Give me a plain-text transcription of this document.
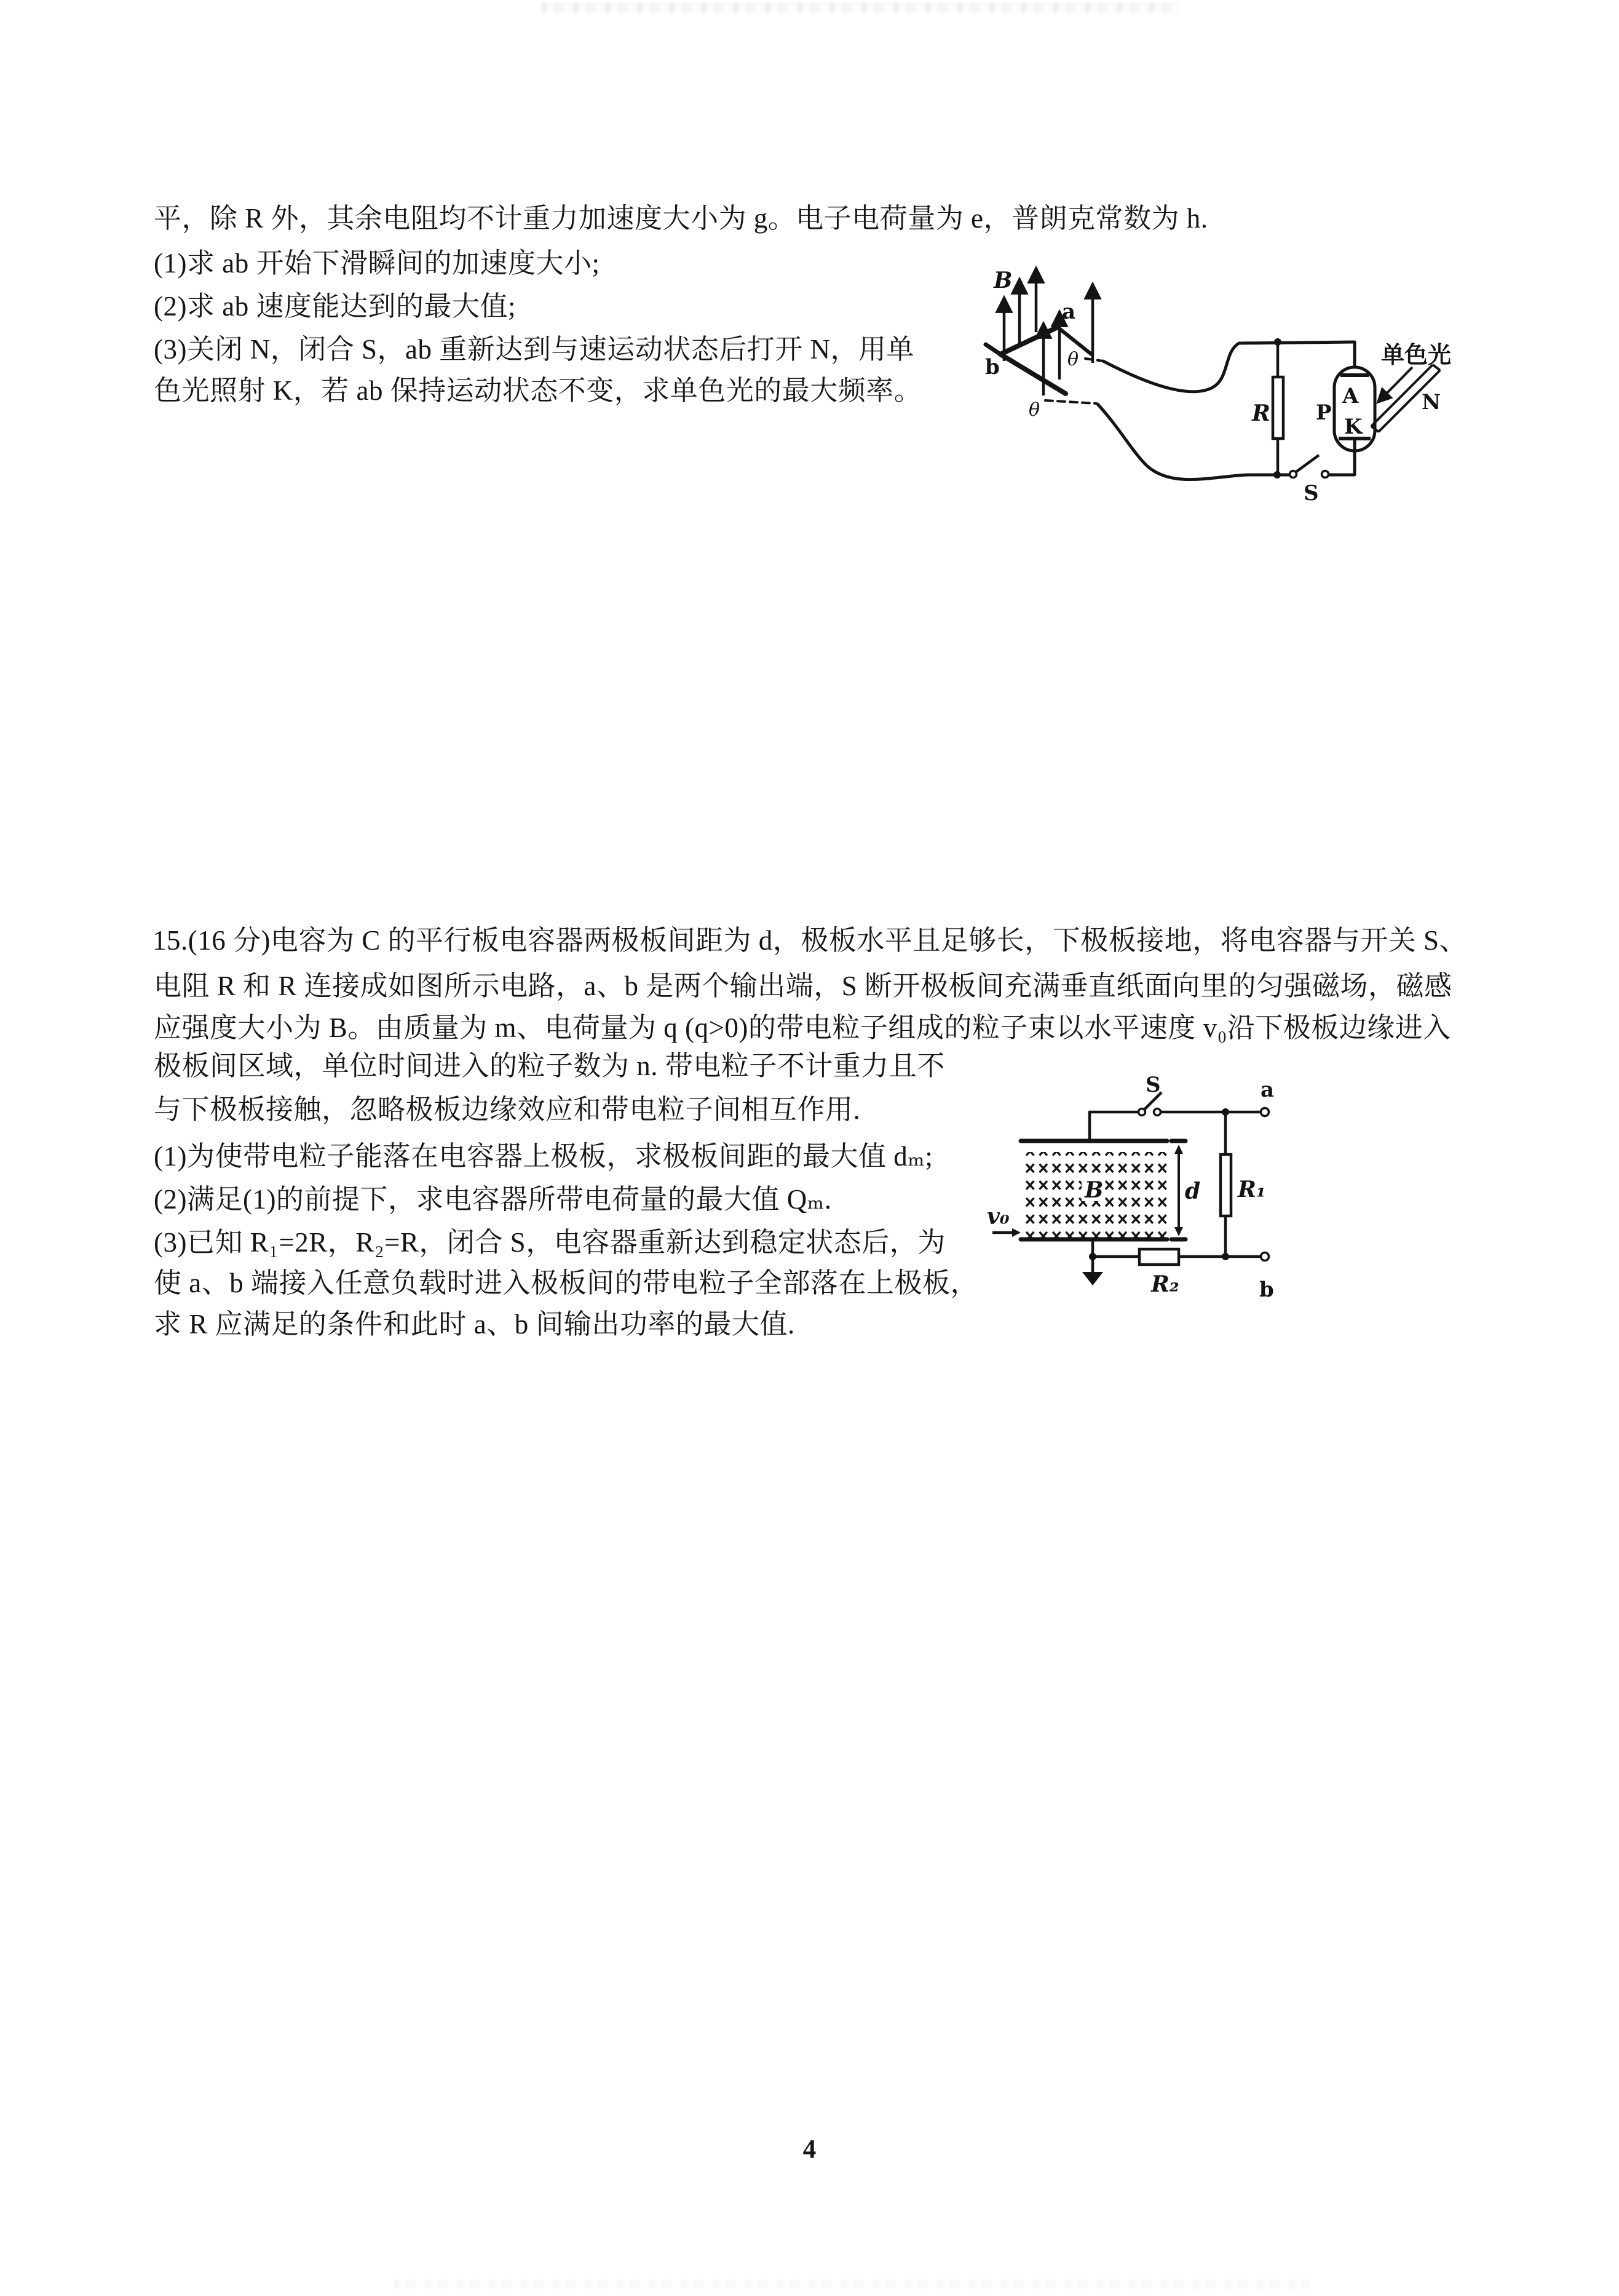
平，除 R 外，其余电阻均不计重力加速度大小为 g。电子电荷量为 e，普朗克常数为 h.
(1)求 ab 开始下滑瞬间的加速度大小;
(2)求 ab 速度能达到的最大值;
(3)关闭 N，闭合 S，ab 重新达到与速运动状态后打开 N，用单
色光照射 K，若 ab 保持运动状态不变，求单色光的最大频率。
B
a
b	θ
θ	R P
A
K
N
S
单色光
15.(16 分)电容为 C 的平行板电容器两极板间距为 d，极板水平且足够长，下极板接地，将电容器与开关 S、
电阻 R 和 R 连接成如图所示电路，a、b 是两个输出端，S 断开极板间充满垂直纸面向里的匀强磁场，磁感
应强度大小为 B。由质量为 m、电荷量为 q (q>0)的带电粒子组成的粒子束以水平速度 v₀沿下极板边缘进入
极板间区域，单位时间进入的粒子数为 n. 带电粒子不计重力且不
与下极板接触，忽略极板边缘效应和带电粒子间相互作用.
(1)为使带电粒子能落在电容器上极板，求极板间距的最大值 dₘ;
(2)满足(1)的前提下，求电容器所带电荷量的最大值 Qₘ.
(3)已知 R₁=2R，R₂=R，闭合 S，电容器重新达到稳定状态后，为
使 a、b 端接入任意负载时进入极板间的带电粒子全部落在上极板，
求 R 应满足的条件和此时 a、b 间输出功率的最大值.
B
S	a
b
R₁
R₂
d
v₀
4
